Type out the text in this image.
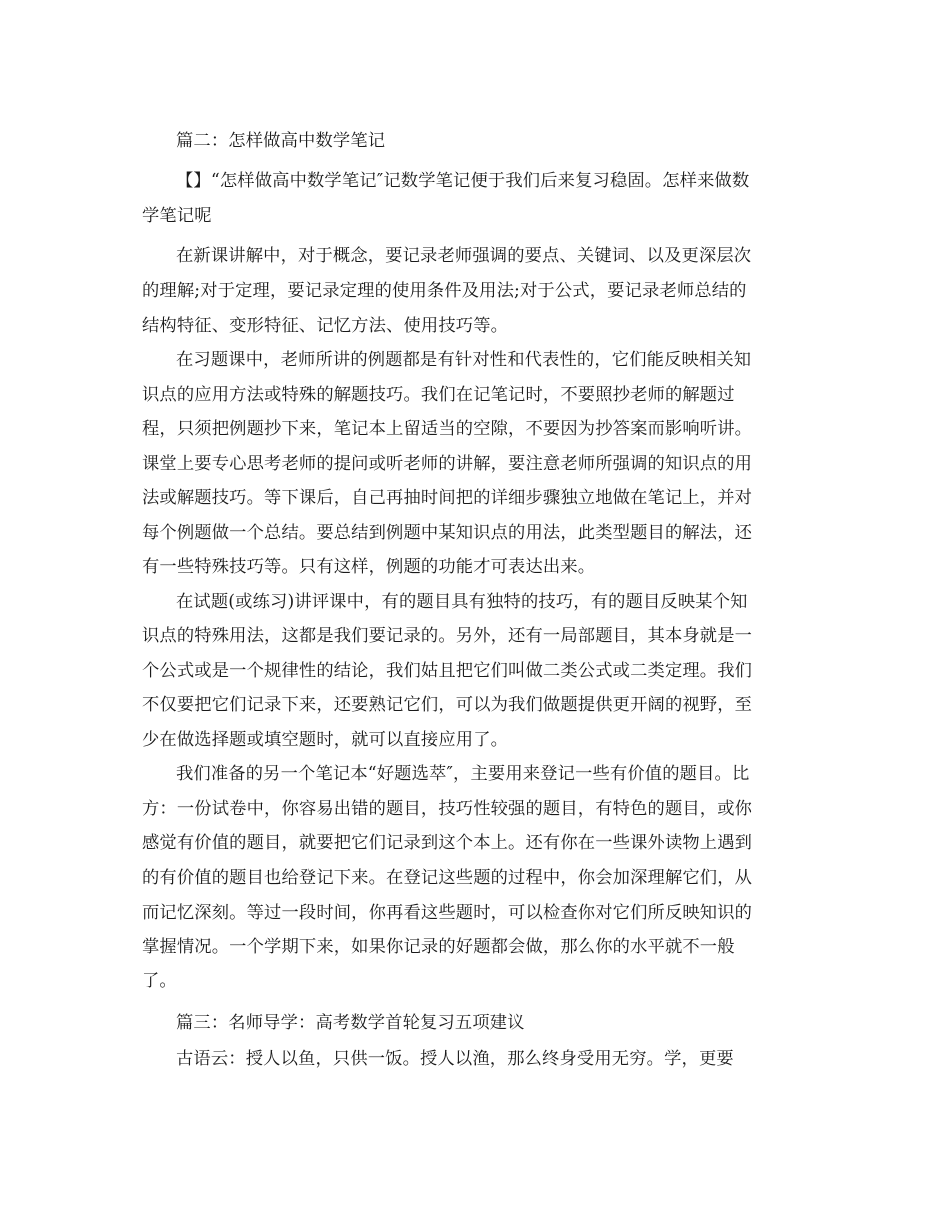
篇二：怎样做高中数学笔记
【】“怎样做高中数学笔记″记数学笔记便于我们后来复习稳固。怎样来做数
学笔记呢
在新课讲解中，对于概念，要记录老师强调的要点、关键词、以及更深层次
的理解;对于定理，要记录定理的使用条件及用法;对于公式，要记录老师总结的
结构特征、变形特征、记忆方法、使用技巧等。
在习题课中，老师所讲的例题都是有针对性和代表性的，它们能反映相关知
识点的应用方法或特殊的解题技巧。我们在记笔记时，不要照抄老师的解题过
程，只须把例题抄下来，笔记本上留适当的空隙，不要因为抄答案而影响听讲。
课堂上要专心思考老师的提问或听老师的讲解，要注意老师所强调的知识点的用
法或解题技巧。等下课后，自己再抽时间把的详细步骤独立地做在笔记上，并对
每个例题做一个总结。要总结到例题中某知识点的用法，此类型题目的解法，还
有一些特殊技巧等。只有这样，例题的功能才可表达出来。
在试题(或练习)讲评课中，有的题目具有独特的技巧，有的题目反映某个知
识点的特殊用法，这都是我们要记录的。另外，还有一局部题目，其本身就是一
个公式或是一个规律性的结论，我们姑且把它们叫做二类公式或二类定理。我们
不仅要把它们记录下来，还要熟记它们，可以为我们做题提供更开阔的视野，至
少在做选择题或填空题时，就可以直接应用了。
我们准备的另一个笔记本“好题选萃″，主要用来登记一些有价值的题目。比
方：一份试卷中，你容易出错的题目，技巧性较强的题目，有特色的题目，或你
感觉有价值的题目，就要把它们记录到这个本上。还有你在一些课外读物上遇到
的有价值的题目也给登记下来。在登记这些题的过程中，你会加深理解它们，从
而记忆深刻。等过一段时间，你再看这些题时，可以检查你对它们所反映知识的
掌握情况。一个学期下来，如果你记录的好题都会做，那么你的水平就不一般
了。
篇三：名师导学：高考数学首轮复习五项建议
古语云：授人以鱼，只供一饭。授人以渔，那么终身受用无穷。学，更要
